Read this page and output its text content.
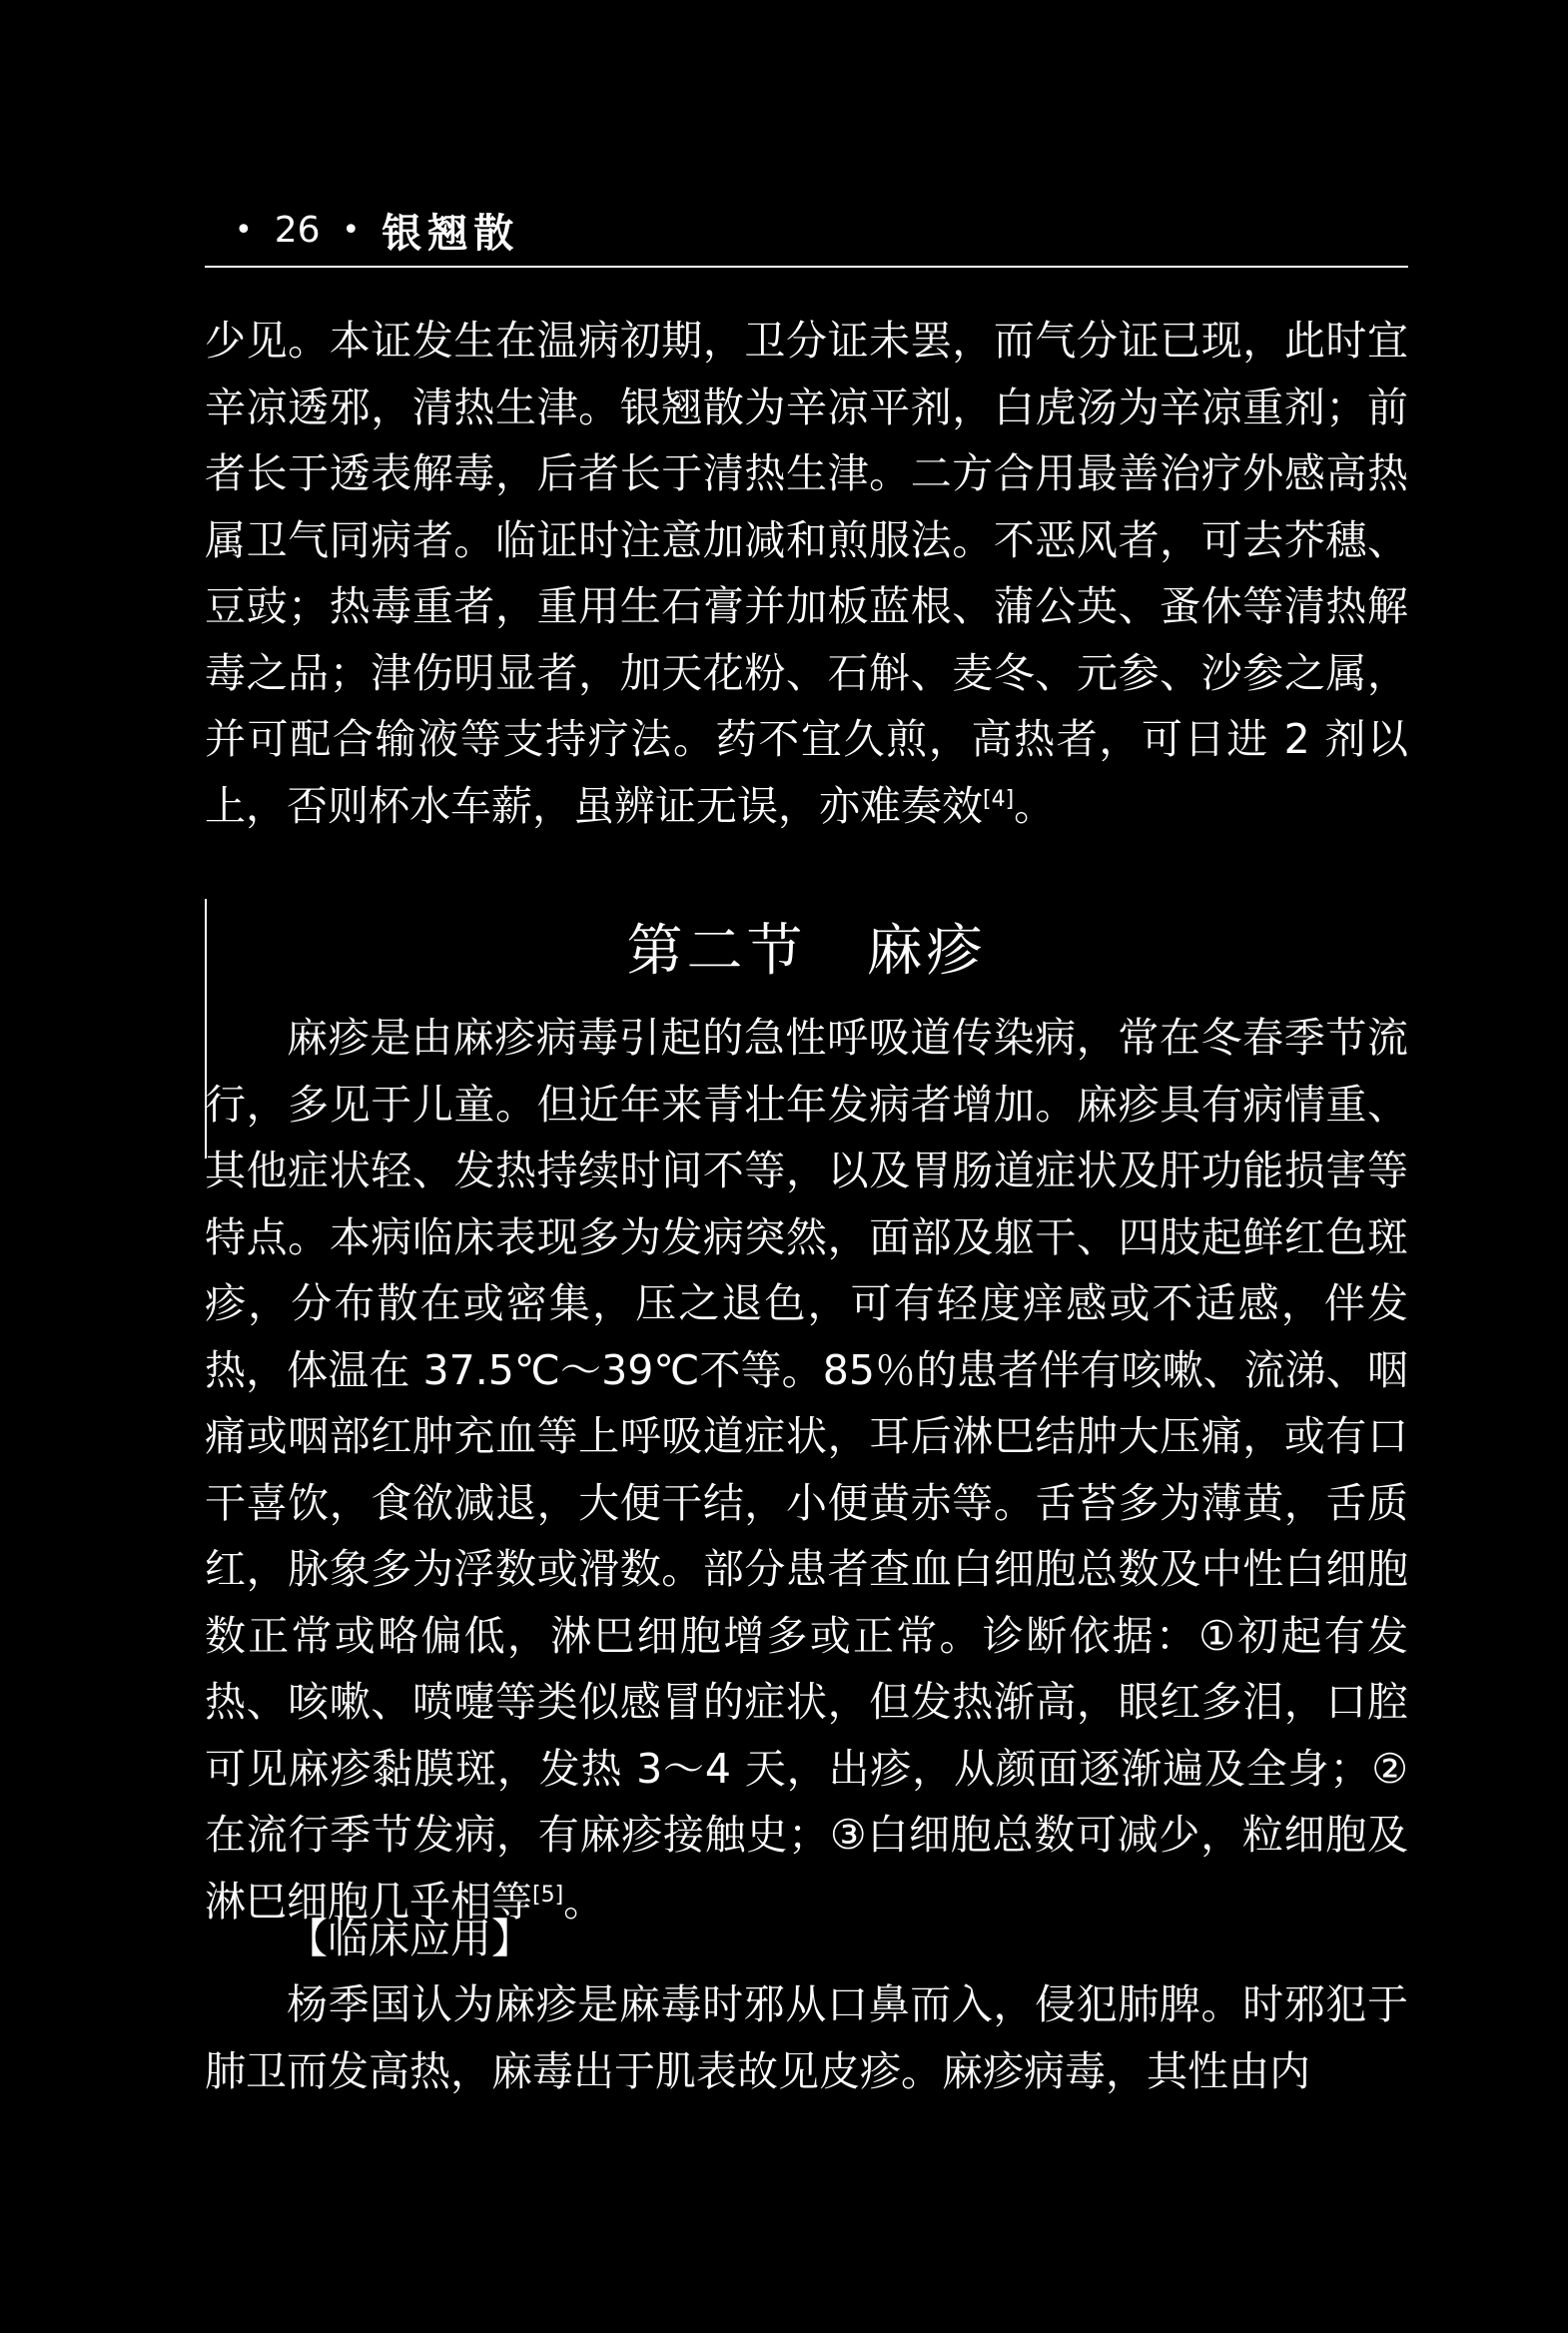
• 26 • 银翘散
少见。本证发生在温病初期，卫分证未罢，而气分证已现，此时宜辛凉透邪，清热生津。银翘散为辛凉平剂，白虎汤为辛凉重剂；前者长于透表解毒，后者长于清热生津。二方合用最善治疗外感高热属卫气同病者。临证时注意加减和煎服法。不恶风者，可去芥穗、豆豉；热毒重者，重用生石膏并加板蓝根、蒲公英、蚤休等清热解毒之品；津伤明显者，加天花粉、石斛、麦冬、元参、沙参之属，并可配合输液等支持疗法。药不宜久煎，高热者，可日进 2 剂以上，否则杯水车薪，虽辨证无误，亦难奏效[4]。
第二节 麻疹
麻疹是由麻疹病毒引起的急性呼吸道传染病，常在冬春季节流行，多见于儿童。但近年来青壮年发病者增加。麻疹具有病情重、其他症状轻、发热持续时间不等，以及胃肠道症状及肝功能损害等特点。本病临床表现多为发病突然，面部及躯干、四肢起鲜红色斑疹，分布散在或密集，压之退色，可有轻度痒感或不适感，伴发热，体温在 37.5℃～39℃不等。85％的患者伴有咳嗽、流涕、咽痛或咽部红肿充血等上呼吸道症状，耳后淋巴结肿大压痛，或有口干喜饮，食欲减退，大便干结，小便黄赤等。舌苔多为薄黄，舌质红，脉象多为浮数或滑数。部分患者查血白细胞总数及中性白细胞数正常或略偏低，淋巴细胞增多或正常。诊断依据：①初起有发热、咳嗽、喷嚏等类似感冒的症状，但发热渐高，眼红多泪，口腔可见麻疹黏膜斑，发热 3～4 天，出疹，从颜面逐渐遍及全身；②在流行季节发病，有麻疹接触史；③白细胞总数可减少，粒细胞及淋巴细胞几乎相等[5]。
【临床应用】
杨季国认为麻疹是麻毒时邪从口鼻而入，侵犯肺脾。时邪犯于肺卫而发高热，麻毒出于肌表故见皮疹。麻疹病毒，其性由内
